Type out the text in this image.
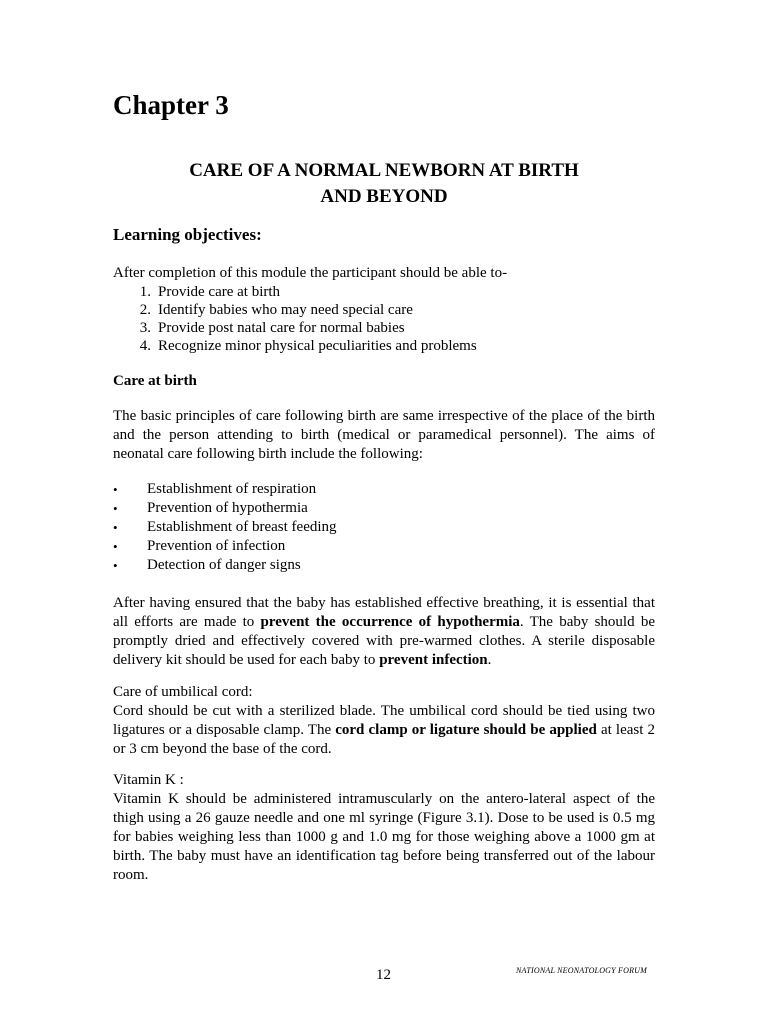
Chapter 3
CARE OF A NORMAL NEWBORN AT BIRTH
AND BEYOND
Learning objectives:

After completion of this module the participant should be able to-

1. Provide care at birth
2. Identify babies who may need special care
3. Provide post natal care for normal babies
4. Recognize minor physical peculiarities and problems
Care at birth

The basic principles of care following birth are same irrespective of the place of the birth and the person attending to birth (medical or paramedical personnel). The aims of neonatal care following birth include the following:

•	Establishment of respiration
•	Prevention of hypothermia
•	Establishment of breast feeding
•	Prevention of infection
•	Detection of danger signs

After having ensured that the baby has established effective breathing, it is essential that all efforts are made to prevent the occurrence of hypothermia. The baby should be promptly dried and effectively covered with pre-warmed clothes. A sterile disposable delivery kit should be used for each baby to prevent infection.

Care of umbilical cord:

Cord should be cut with a sterilized blade. The umbilical cord should be tied using two ligatures or a disposable clamp. The cord clamp or ligature should be applied at least 2 or 3 cm beyond the base of the cord.

Vitamin K :

Vitamin K should be administered intramuscularly on the antero-lateral aspect of the thigh using a 26 gauze needle and one ml syringe (Figure 3.1). Dose to be used is 0.5 mg for babies weighing less than 1000 g and 1.0 mg for those weighing above a 1000 gm at birth. The baby must have an identification tag before being transferred out of the labour room.

12	NATIONAL NEONATOLOGY FORUM
